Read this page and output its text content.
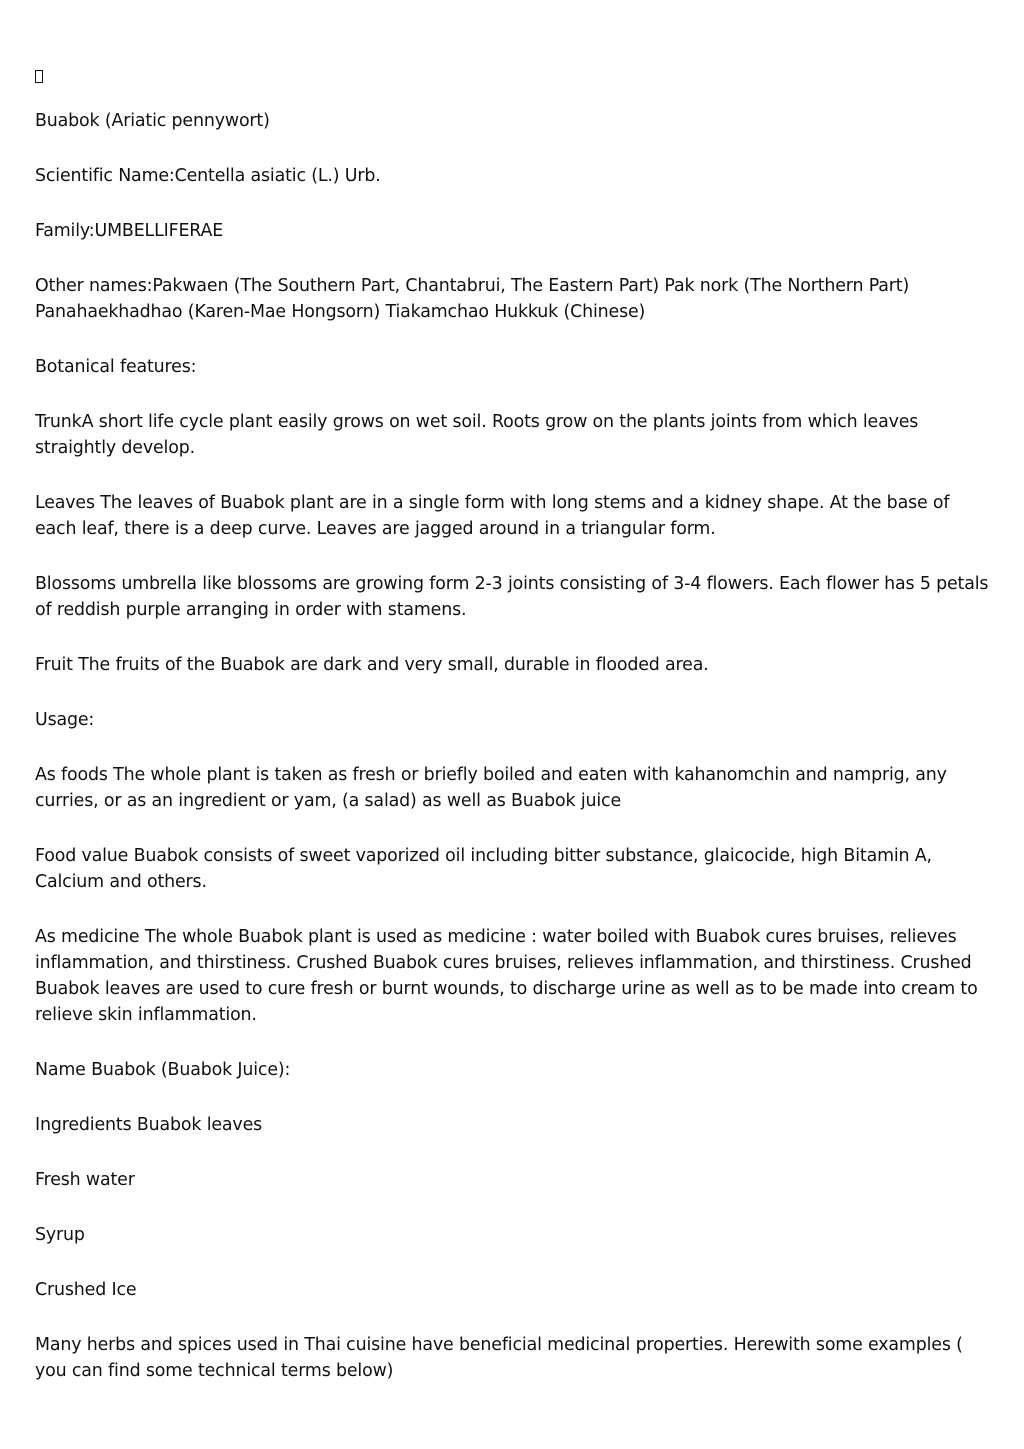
Buabok (Ariatic pennywort)

Scientific Name:Centella asiatic (L.) Urb.

Family:UMBELLIFERAE

Other names:Pakwaen (The Southern Part, Chantabrui, The Eastern Part) Pak nork (The Northern Part) Panahaekhadhao (Karen-Mae Hongsorn) Tiakamchao Hukkuk (Chinese)

Botanical features:

TrunkA short life cycle plant easily grows on wet soil. Roots grow on the plants joints from which leaves straightly develop.

Leaves The leaves of Buabok plant are in a single form with long stems and a kidney shape. At the base of each leaf, there is a deep curve. Leaves are jagged around in a triangular form.

Blossoms umbrella like blossoms are growing form 2-3 joints consisting of 3-4 flowers. Each flower has 5 petals of reddish purple arranging in order with stamens.

Fruit The fruits of the Buabok are dark and very small, durable in flooded area.

Usage:

As foods The whole plant is taken as fresh or briefly boiled and eaten with kahanomchin and namprig, any curries, or as an ingredient or yam, (a salad) as well as Buabok juice

Food value Buabok consists of sweet vaporized oil including bitter substance, glaicocide, high Bitamin A, Calcium and others.

As medicine The whole Buabok plant is used as medicine : water boiled with Buabok cures bruises, relieves inflammation, and thirstiness. Crushed Buabok cures bruises, relieves inflammation, and thirstiness. Crushed Buabok leaves are used to cure fresh or burnt wounds, to discharge urine as well as to be made into cream to relieve skin inflammation.

Name Buabok (Buabok Juice):

Ingredients Buabok leaves

Fresh water

Syrup

Crushed Ice

Many herbs and spices used in Thai cuisine have beneficial medicinal properties. Herewith some examples ( you can find some technical terms below)
